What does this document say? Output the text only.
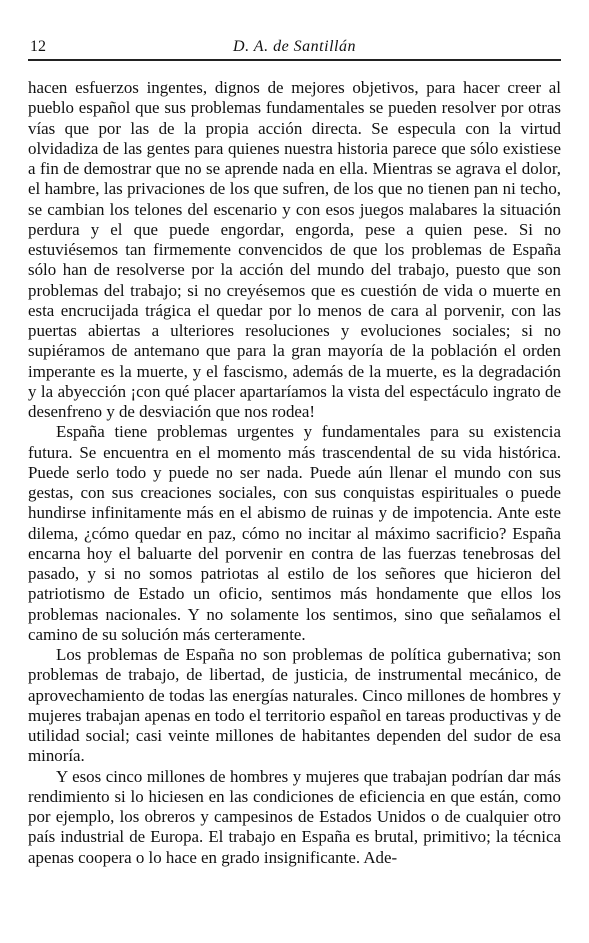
12	D. A. de Santillán

hacen esfuerzos ingentes, dignos de mejores objetivos, para hacer creer al pueblo español que sus problemas fundamentales se pueden resolver por otras vías que por las de la propia acción directa. Se especula con la virtud olvidadiza de las gentes para quienes nuestra historia parece que sólo existiese a fin de demostrar que no se aprende nada en ella. Mientras se agrava el dolor, el hambre, las privaciones de los que sufren, de los que no tienen pan ni techo, se cambian los telones del escenario y con esos juegos malabares la situación perdura y el que puede engordar, engorda, pese a quien pese. Si no estuviésemos tan firmemente convencidos de que los problemas de España sólo han de resolverse por la acción del mundo del trabajo, puesto que son problemas del trabajo; si no creyésemos que es cuestión de vida o muerte en esta encrucijada trágica el quedar por lo menos de cara al porvenir, con las puertas abiertas a ulteriores resoluciones y evoluciones sociales; si no supiéramos de antemano que para la gran mayoría de la población el orden imperante es la muerte, y el fascismo, además de la muerte, es la degradación y la abyección ¡con qué placer apartaríamos la vista del espectáculo ingrato de desenfreno y de desviación que nos rodea!

España tiene problemas urgentes y fundamentales para su existencia futura. Se encuentra en el momento más trascendental de su vida histórica. Puede serlo todo y puede no ser nada. Puede aún llenar el mundo con sus gestas, con sus creaciones sociales, con sus conquistas espirituales o puede hundirse infinitamente más en el abismo de ruinas y de impotencia. Ante este dilema, ¿cómo quedar en paz, cómo no incitar al máximo sacrificio? España encarna hoy el baluarte del porvenir en contra de las fuerzas tenebrosas del pasado, y si no somos patriotas al estilo de los señores que hicieron del patriotismo de Estado un oficio, sentimos más hondamente que ellos los problemas nacionales. Y no solamente los sentimos, sino que señalamos el camino de su solución más certeramente.

Los problemas de España no son problemas de política gubernativa; son problemas de trabajo, de libertad, de justicia, de instrumental mecánico, de aprovechamiento de todas las energías naturales. Cinco millones de hombres y mujeres trabajan apenas en todo el territorio español en tareas productivas y de utilidad social; casi veinte millones de habitantes dependen del sudor de esa minoría.

Y esos cinco millones de hombres y mujeres que trabajan podrían dar más rendimiento si lo hiciesen en las condiciones de eficiencia en que están, como por ejemplo, los obreros y campesinos de Estados Unidos o de cualquier otro país industrial de Europa. El trabajo en España es brutal, primitivo; la técnica apenas coopera o lo hace en grado insignificante. Ade-
